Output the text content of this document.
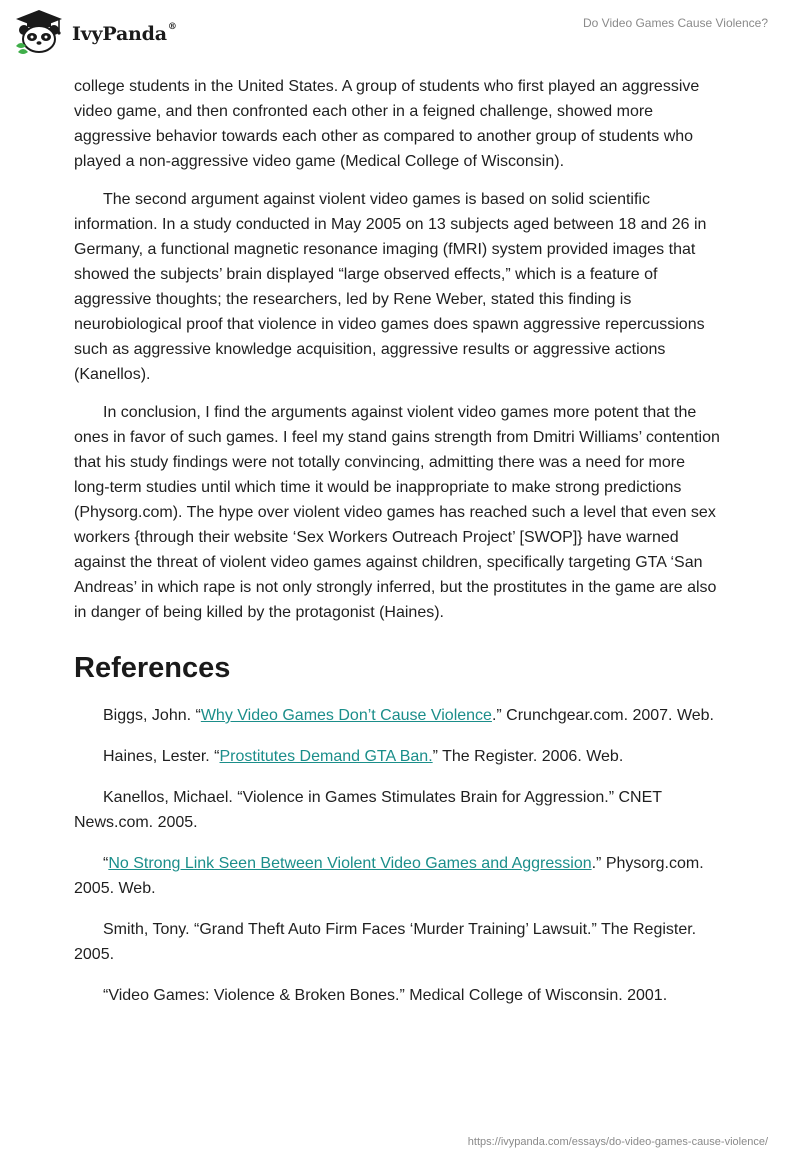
IvyPanda®	Do Video Games Cause Violence?

college students in the United States. A group of students who first played an aggressive video game, and then confronted each other in a feigned challenge, showed more aggressive behavior towards each other as compared to another group of students who played a non-aggressive video game (Medical College of Wisconsin).

The second argument against violent video games is based on solid scientific information. In a study conducted in May 2005 on 13 subjects aged between 18 and 26 in Germany, a functional magnetic resonance imaging (fMRI) system provided images that showed the subjects’ brain displayed “large observed effects,” which is a feature of aggressive thoughts; the researchers, led by Rene Weber, stated this finding is neurobiological proof that violence in video games does spawn aggressive repercussions such as aggressive knowledge acquisition, aggressive results or aggressive actions (Kanellos).

In conclusion, I find the arguments against violent video games more potent that the ones in favor of such games. I feel my stand gains strength from Dmitri Williams’ contention that his study findings were not totally convincing, admitting there was a need for more long-term studies until which time it would be inappropriate to make strong predictions (Physorg.com). The hype over violent video games has reached such a level that even sex workers {through their website ‘Sex Workers Outreach Project’ [SWOP]} have warned against the threat of violent video games against children, specifically targeting GTA ‘San Andreas’ in which rape is not only strongly inferred, but the prostitutes in the game are also in danger of being killed by the protagonist (Haines).

References

Biggs, John. “Why Video Games Don’t Cause Violence.” Crunchgear.com. 2007. Web.

Haines, Lester. “Prostitutes Demand GTA Ban.” The Register. 2006. Web.

Kanellos, Michael. “Violence in Games Stimulates Brain for Aggression.” CNET News.com. 2005.

“No Strong Link Seen Between Violent Video Games and Aggression.” Physorg.com. 2005. Web.

Smith, Tony. “Grand Theft Auto Firm Faces ‘Murder Training’ Lawsuit.” The Register. 2005.

“Video Games: Violence & Broken Bones.” Medical College of Wisconsin. 2001.

https://ivypanda.com/essays/do-video-games-cause-violence/
